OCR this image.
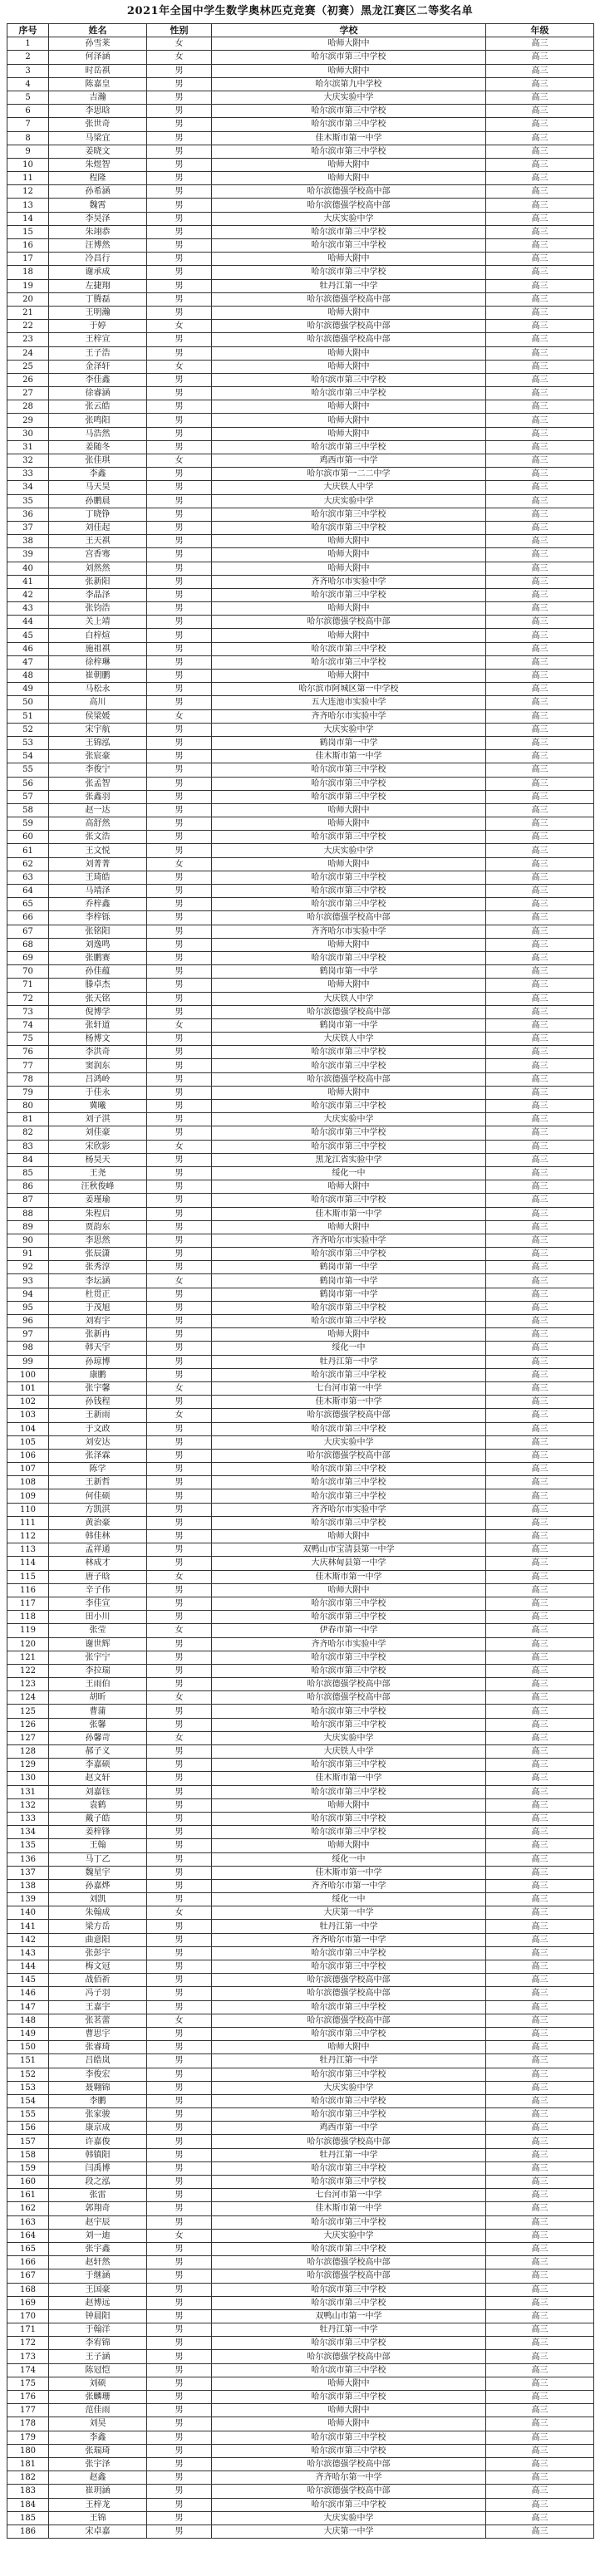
2021年全国中学生数学奥林匹克竞赛（初赛）黑龙江赛区二等奖名单
序号	姓名	性别	学校	年级
1	孙雪莱	女	哈师大附中	高三
2	何泽涵	女	哈尔滨市第三中学校	高三
3	时岳祺	男	哈师大附中	高三
4	陈嘉皇	男	哈尔滨第九中学校	高三
5	吉瀚	男	大庆实验中学	高三
6	李思晗	男	哈尔滨市第三中学校	高三
7	张世奇	男	哈尔滨市第三中学校	高三
8	马梁宜	男	佳木斯市第一中学	高三
9	姜晓文	男	哈尔滨市第三中学校	高三
10	朱煜智	男	哈师大附中	高三
11	程隆	男	哈师大附中	高三
12	孙希涵	男	哈尔滨德强学校高中部	高三
13	魏霄	男	哈尔滨德强学校高中部	高三
14	李昊泽	男	大庆实验中学	高三
15	朱翊恭	男	哈尔滨市第三中学校	高三
16	汪博然	男	哈尔滨市第三中学校	高三
17	冷昌行	男	哈师大附中	高三
18	谢承成	男	哈尔滨市第三中学校	高三
19	左捷翔	男	牡丹江第一中学	高三
20	丁腾磊	男	哈尔滨德强学校高中部	高三
21	王明瀚	男	哈师大附中	高三
22	于婷	女	哈尔滨德强学校高中部	高三
23	王梓宣	男	哈尔滨德强学校高中部	高三
24	王子浩	男	哈师大附中	高三
25	金泽轩	女	哈师大附中	高三
26	李佳鑫	男	哈尔滨市第三中学校	高三
27	徐睿涵	男	哈尔滨市第三中学校	高三
28	张云皓	男	哈师大附中	高三
29	张鸣阳	男	哈师大附中	高三
30	马浩然	男	哈师大附中	高三
31	姜随冬	男	哈尔滨市第三中学校	高三
32	张佳琪	女	鸡西市第一中学	高三
33	李鑫	男	哈尔滨市第一二二中学	高三
34	马天昊	男	大庆铁人中学	高三
35	孙鹏晨	男	大庆实验中学	高三
36	丁晓铮	男	哈尔滨市第三中学校	高三
37	刘佳起	男	哈尔滨市第三中学校	高三
38	王天祺	男	哈师大附中	高三
39	宫香骞	男	哈师大附中	高三
40	刘然然	男	哈师大附中	高三
41	张新阳	男	齐齐哈尔市实验中学	高三
42	李晶泽	男	哈尔滨市第三中学校	高三
43	张钧浩	男	哈师大附中	高三
44	关上靖	男	哈尔滨德强学校高中部	高三
45	白梓煊	男	哈师大附中	高三
46	施祖祺	男	哈尔滨市第三中学校	高三
47	徐梓琳	男	哈尔滨市第三中学校	高三
48	崔朝鹏	男	哈师大附中	高三
49	马松永	男	哈尔滨市阿城区第一中学校	高三
50	高川	男	五大连池市实验中学	高三
51	侯梁媛	女	齐齐哈尔市实验中学	高三
52	宋宇航	男	大庆实验中学	高三
53	王锦泓	男	鹤岗市第一中学	高三
54	张宸豪	男	佳木斯市第一中学	高三
55	李俊宁	男	哈尔滨市第三中学校	高三
56	张孟智	男	哈尔滨市第三中学校	高三
57	张鑫羽	男	哈尔滨市第三中学校	高三
58	赵一达	男	哈师大附中	高三
59	高舒然	男	哈师大附中	高三
60	张文浩	男	哈尔滨市第三中学校	高三
61	王文悦	男	大庆实验中学	高三
62	刘菁菁	女	哈师大附中	高三
63	王琦皓	男	哈尔滨市第三中学校	高三
64	马靖泽	男	哈尔滨市第三中学校	高三
65	乔梓鑫	男	哈尔滨市第三中学校	高三
66	李梓铄	男	哈尔滨德强学校高中部	高三
67	张铭阳	男	齐齐哈尔市实验中学	高三
68	刘逸鸣	男	哈师大附中	高三
69	张鹏赛	男	哈尔滨市第三中学校	高三
70	孙佳蕴	男	鹤岗市第一中学	高三
71	滕卓杰	男	哈师大附中	高三
72	张天铭	男	大庆铁人中学	高三
73	倪博学	男	哈尔滨德强学校高中部	高三
74	张轩道	女	鹤岗市第一中学	高三
75	杨博文	男	大庆铁人中学	高三
76	李洪奇	男	哈尔滨市第三中学校	高三
77	窦润东	男	哈尔滨市第三中学校	高三
78	吕鸿岭	男	哈尔滨德强学校高中部	高三
79	于佳永	男	哈师大附中	高三
80	冀曦	男	哈尔滨市第三中学校	高三
81	刘子淇	男	大庆实验中学	高三
82	刘佳豪	男	哈尔滨市第三中学校	高三
83	宋欣影	女	哈尔滨市第三中学校	高三
84	杨昊天	男	黑龙江省实验中学	高三
85	王尧	男	绥化一中	高三
86	汪秋俊峰	男	哈师大附中	高三
87	姜瑾瑜	男	哈尔滨市第三中学校	高三
88	朱程启	男	佳木斯市第一中学	高三
89	贾韵东	男	哈师大附中	高三
90	李思然	男	齐齐哈尔市实验中学	高三
91	张辰潇	男	哈尔滨市第三中学校	高三
92	张秀淳	男	鹤岗市第一中学	高三
93	李坛涵	女	鹤岗市第一中学	高三
94	杜贯正	男	鹤岗市第一中学	高三
95	于茂旭	男	哈尔滨市第三中学校	高三
96	刘宥宇	男	哈尔滨市第三中学校	高三
97	张新冉	男	哈师大附中	高三
98	韩天宇	男	绥化一中	高三
99	孙琼博	男	牡丹江第一中学	高三
100	康鹏	男	哈尔滨市第三中学校	高三
101	张宇馨	女	七台河市第一中学	高三
102	孙钱程	男	佳木斯市第一中学	高三
103	王新雨	女	哈尔滨德强学校高中部	高三
104	于文政	男	哈尔滨市第三中学校	高三
105	刘安达	男	大庆实验中学	高三
106	张泽霖	男	哈尔滨德强学校高中部	高三
107	陈学	男	哈尔滨市第三中学校	高三
108	王新哲	男	哈尔滨市第三中学校	高三
109	何佳硕	男	哈尔滨市第三中学校	高三
110	方凯淇	男	齐齐哈尔市实验中学	高三
111	黄治豪	男	哈尔滨市第三中学校	高三
112	韩佳林	男	哈师大附中	高三
113	孟祥通	男	双鸭山市宝清县第一中学	高三
114	林成才	男	大庆林甸县第一中学	高三
115	唐子晗	女	佳木斯市第一中学	高三
116	辛子伟	男	哈师大附中	高三
117	李佳宣	男	哈尔滨市第三中学校	高三
118	田小川	男	哈尔滨市第三中学校	高三
119	张莹	女	伊春市第一中学	高三
120	谢世辉	男	齐齐哈尔市实验中学	高三
121	张宇宁	男	哈尔滨市第三中学校	高三
122	李拉瑞	男	哈尔滨市第三中学校	高三
123	王雨伯	男	哈尔滨德强学校高中部	高三
124	胡昕	女	哈尔滨德强学校高中部	高三
125	曹蒲	男	哈尔滨市第三中学校	高三
126	张馨	男	哈尔滨市第三中学校	高三
127	孙馨苛	女	大庆实验中学	高三
128	郝子义	男	大庆铁人中学	高三
129	李嘉硕	男	哈尔滨市第三中学校	高三
130	赵文轩	男	佳木斯市第一中学	高三
131	刘嘉钰	男	哈尔滨市第三中学校	高三
132	袁鹤	男	哈师大附中	高三
133	戴子皓	男	哈尔滨市第三中学校	高三
134	姜梓锋	男	哈尔滨市第三中学校	高三
135	王翰	男	哈师大附中	高三
136	马丁乙	男	绥化一中	高三
137	魏星宇	男	佳木斯市第一中学	高三
138	孙嘉烨	男	齐齐哈尔市第一中学	高三
139	刘凯	男	绥化一中	高三
140	朱翰成	女	大庆第一中学	高三
141	梁方岳	男	牡丹江第一中学	高三
142	曲意阳	男	齐齐哈尔市第一中学	高三
143	张彭宇	男	哈尔滨市第三中学校	高三
144	梅文冠	男	哈尔滨市第三中学校	高三
145	战佰祈	男	哈尔滨德强学校高中部	高三
146	冯子羽	男	哈尔滨德强学校高中部	高三
147	王嘉宇	男	哈尔滨市第三中学校	高三
148	张茗蕾	女	哈尔滨德强学校高中部	高三
149	曹思宇	男	哈尔滨市第三中学校	高三
150	张睿琦	男	哈师大附中	高三
151	吕皓岚	男	牡丹江第一中学	高三
152	李俊宏	男	哈尔滨市第三中学校	高三
153	聂翱锦	男	大庆实验中学	高三
154	李鹏	男	哈尔滨市第三中学校	高三
155	张家骏	男	哈尔滨市第三中学校	高三
156	康京成	男	鸡西市第一中学	高三
157	许嘉俊	男	哈尔滨德强学校高中部	高三
158	韩镇阳	男	牡丹江第一中学	高三
159	闫禹博	男	哈尔滨市第三中学校	高三
160	段之泓	男	哈尔滨市第三中学校	高三
161	张雷	男	七台河市第一中学	高三
162	郭翔奇	男	佳木斯市第一中学	高三
163	赵宇辰	男	哈尔滨市第三中学校	高三
164	刘一迪	女	大庆实验中学	高三
165	张宇鑫	男	哈尔滨市第三中学校	高三
166	赵轩然	男	哈尔滨德强学校高中部	高三
167	于继涵	男	哈尔滨德强学校高中部	高三
168	王国豪	男	哈尔滨市第三中学校	高三
169	赵博远	男	哈尔滨市第三中学校	高三
170	钟晨阳	男	双鸭山市第一中学	高三
171	于翰洋	男	牡丹江第一中学	高三
172	李宥锦	男	哈尔滨市第三中学校	高三
173	王子涵	男	哈尔滨德强学校高中部	高三
174	陈冠恺	男	哈尔滨市第三中学校	高三
175	刘硕	男	哈师大附中	高三
176	张麟珊	男	哈尔滨市第三中学校	高三
177	范佳雨	男	哈师大附中	高三
178	刘昊	男	哈师大附中	高三
179	李鑫	男	哈尔滨市第三中学校	高三
180	张瑞琦	男	哈尔滨市第三中学校	高三
181	张宇泽	男	哈尔滨德强学校高中部	高三
182	赵鑫	男	齐齐哈尔第一中学	高三
183	崔玥涵	男	哈尔滨德强学校高中部	高三
184	王梓龙	男	哈尔滨市第三中学校	高三
185	王锦	男	大庆实验中学	高三
186	宋卓嘉	男	大庆第一中学	高三
